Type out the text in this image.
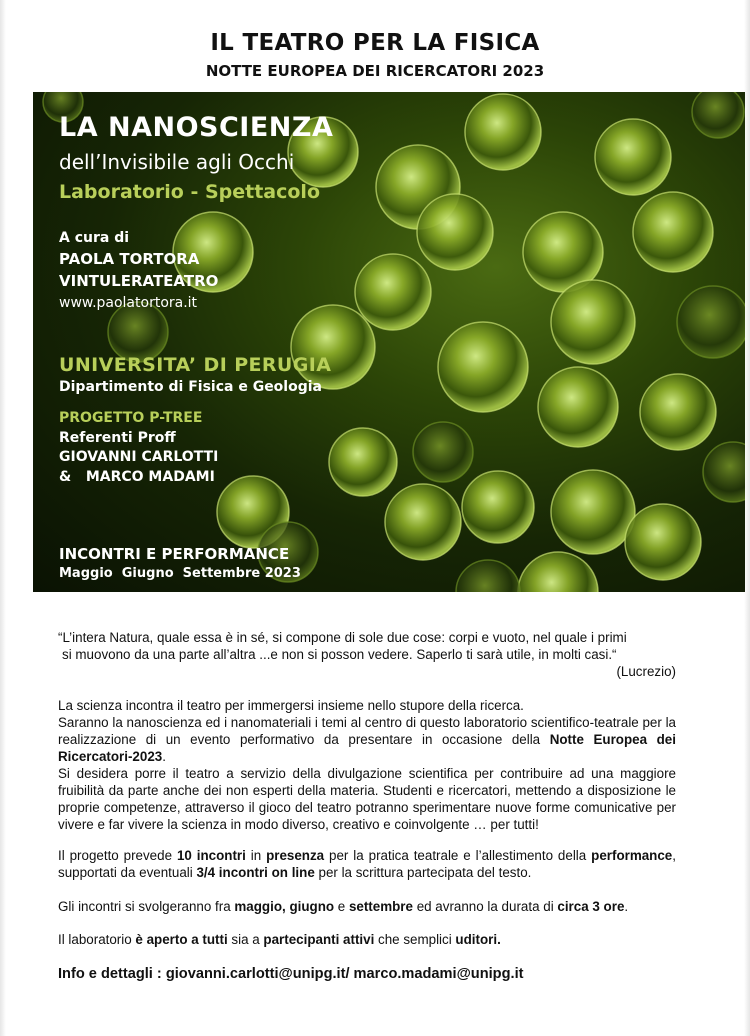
IL TEATRO PER LA FISICA
NOTTE EUROPEA DEI RICERCATORI 2023
LA NANOSCIENZA
dell’Invisibile agli Occhi
Laboratorio - Spettacolo
A cura di
PAOLA TORTORA
VINTULERATEATRO
www.paolatortora.it
UNIVERSITA’ DI PERUGIA
Dipartimento di Fisica e Geologia
PROGETTO P-TREE
Referenti Proff
GIOVANNI CARLOTTI
&   MARCO MADAMI
INCONTRI E PERFORMANCE
Maggio  Giugno  Settembre 2023

“L’intera Natura, quale essa è in sé, si compone di sole due cose: corpi e vuoto, nel quale i primi

si muovono da una parte all’altra ...e non si posson vedere. Saperlo ti sarà utile, in molti casi.“

(Lucrezio)

La scienza incontra il teatro per immergersi insieme nello stupore della ricerca.

Saranno la nanoscienza ed i nanomateriali i temi al centro di questo laboratorio scientifico-teatrale per la realizzazione di un evento performativo da presentare in occasione della Notte Europea dei Ricercatori-2023.

Si desidera porre il teatro a servizio della divulgazione scientifica per contribuire ad una maggiore fruibilità da parte anche dei non esperti della materia. Studenti e ricercatori, mettendo a disposizione le proprie competenze, attraverso il gioco del teatro potranno sperimentare nuove forme comunicative per vivere e far vivere la scienza in modo diverso, creativo e coinvolgente … per tutti!

Il progetto prevede 10 incontri in presenza per la pratica teatrale e l’allestimento della performance, supportati da eventuali 3/4 incontri on line per la scrittura partecipata del testo.

Gli incontri si svolgeranno fra maggio, giugno e settembre ed avranno la durata di circa 3 ore.

Il laboratorio è aperto a tutti sia a partecipanti attivi che semplici uditori.

Info e dettagli : giovanni.carlotti@unipg.it/ marco.madami@unipg.it
